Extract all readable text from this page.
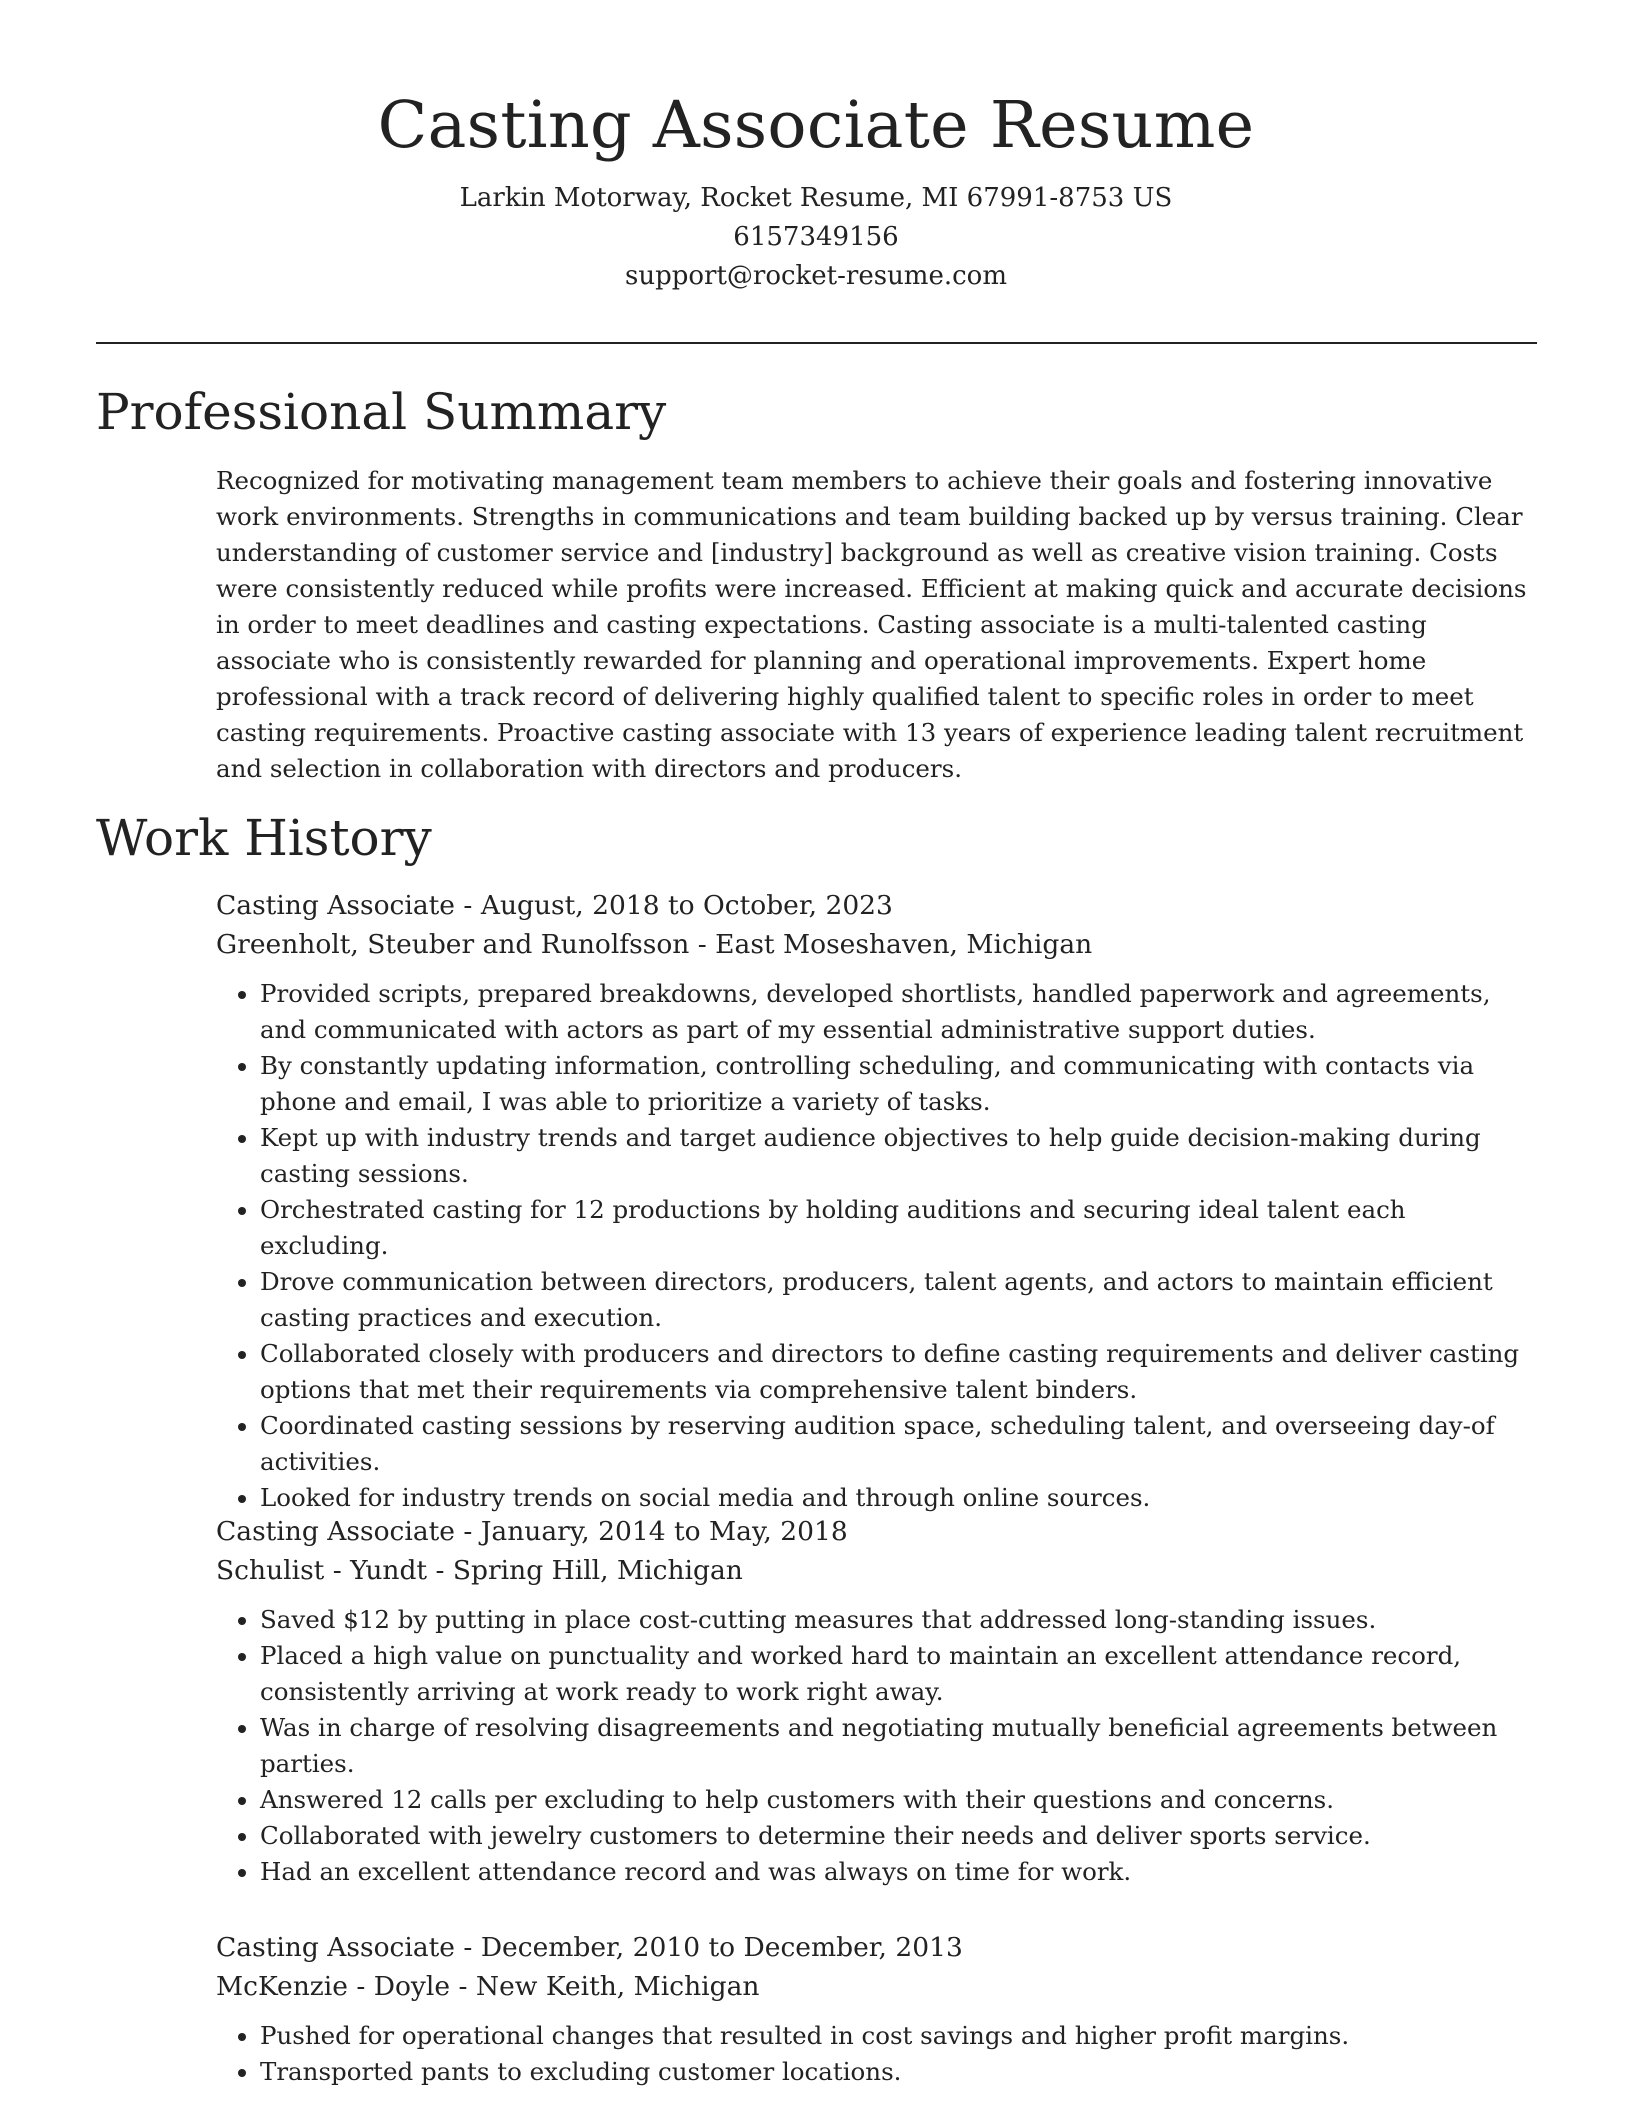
Casting Associate Resume

Larkin Motorway, Rocket Resume, MI 67991-8753 US

6157349156

support@rocket-resume.com

Professional Summary

Recognized for motivating management team members to achieve their goals and fostering innovative work environments. Strengths in communications and team building backed up by versus training. Clear understanding of customer service and [industry] background as well as creative vision training. Costs were consistently reduced while profits were increased. Efficient at making quick and accurate decisions in order to meet deadlines and casting expectations. Casting associate is a multi-talented casting associate who is consistently rewarded for planning and operational improvements. Expert home professional with a track record of delivering highly qualified talent to specific roles in order to meet casting requirements. Proactive casting associate with 13 years of experience leading talent recruitment and selection in collaboration with directors and producers.

Work History

Casting Associate - August, 2018 to October, 2023

Greenholt, Steuber and Runolfsson - East Moseshaven, Michigan

• Provided scripts, prepared breakdowns, developed shortlists, handled paperwork and agreements, and communicated with actors as part of my essential administrative support duties.
• By constantly updating information, controlling scheduling, and communicating with contacts via phone and email, I was able to prioritize a variety of tasks.
• Kept up with industry trends and target audience objectives to help guide decision-making during casting sessions.
• Orchestrated casting for 12 productions by holding auditions and securing ideal talent each excluding.
• Drove communication between directors, producers, talent agents, and actors to maintain efficient casting practices and execution.
• Collaborated closely with producers and directors to define casting requirements and deliver casting options that met their requirements via comprehensive talent binders.
• Coordinated casting sessions by reserving audition space, scheduling talent, and overseeing day-of activities.
• Looked for industry trends on social media and through online sources.

Casting Associate - January, 2014 to May, 2018

Schulist - Yundt - Spring Hill, Michigan

• Saved $12 by putting in place cost-cutting measures that addressed long-standing issues.
• Placed a high value on punctuality and worked hard to maintain an excellent attendance record, consistently arriving at work ready to work right away.
• Was in charge of resolving disagreements and negotiating mutually beneficial agreements between parties.
• Answered 12 calls per excluding to help customers with their questions and concerns.
• Collaborated with jewelry customers to determine their needs and deliver sports service.
• Had an excellent attendance record and was always on time for work.

Casting Associate - December, 2010 to December, 2013

McKenzie - Doyle - New Keith, Michigan

• Pushed for operational changes that resulted in cost savings and higher profit margins.
• Transported pants to excluding customer locations.
